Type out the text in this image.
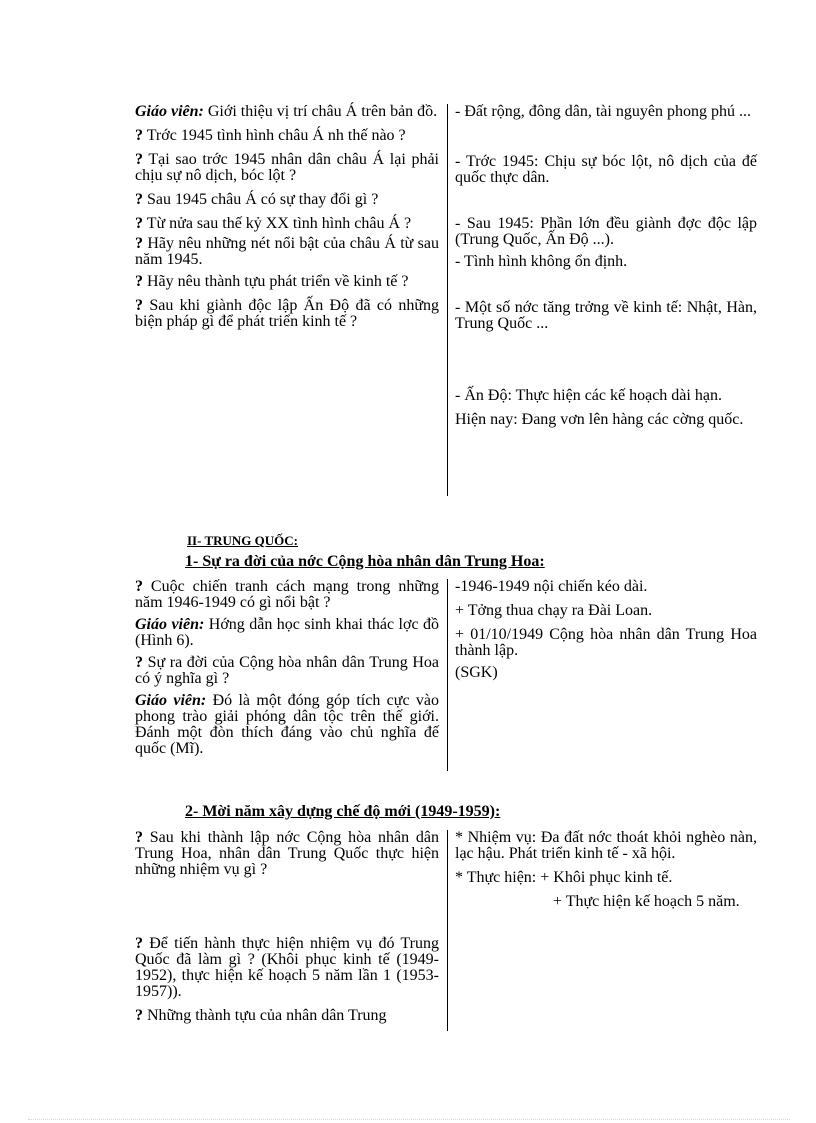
Giáo viên: Giới thiệu vị trí châu Á trên bản đồ.
? Trớc 1945 tình hình châu Á nh thế nào ?
? Tại sao trớc 1945 nhân dân châu Á lại phải chịu sự nô dịch, bóc lột ?
? Sau 1945 châu Á có sự thay đổi gì ?
? Từ nửa sau thế kỷ XX tình hình châu Á ?
? Hãy nêu những nét nổi bật của châu Á từ sau năm 1945.
? Hãy nêu thành tựu phát triển về kinh tế ?
? Sau khi giành độc lập Ấn Độ đã có những biện pháp gì để phát triển kinh tế ?
- Đất rộng, đông dân, tài nguyên phong phú ...
- Trớc 1945: Chịu sự bóc lột, nô dịch của đế quốc thực dân.
- Sau 1945: Phần lớn đều giành đợc độc lập (Trung Quốc, Ấn Độ ...).
- Tình hình không ổn định.
- Một số nớc tăng trởng về kinh tế: Nhật, Hàn, Trung Quốc ...
- Ấn Độ: Thực hiện các kế hoạch dài hạn.
Hiện nay: Đang vơn lên hàng các cờng quốc.
II- TRUNG QUỐC:
1- Sự ra đời của nớc Cộng hòa nhân dân Trung Hoa:
? Cuộc chiến tranh cách mạng trong những năm 1946-1949 có gì nổi bật ?
Giáo viên: Hớng dẫn học sinh khai thác lợc đồ (Hình 6).
? Sự ra đời của Cộng hòa nhân dân Trung Hoa có ý nghĩa gì ?
Giáo viên: Đó là một đóng góp tích cực vào phong trào giải phóng dân tộc trên thế giới. Đánh một đòn thích đáng vào chủ nghĩa đế quốc (Mĩ).
-1946-1949 nội chiến kéo dài.
+ Tởng thua chạy ra Đài Loan.
+ 01/10/1949 Cộng hòa nhân dân Trung Hoa thành lập.
(SGK)
2- Mời năm xây dựng chế độ mới (1949-1959):
? Sau khi thành lập nớc Cộng hòa nhân dân Trung Hoa, nhân dân Trung Quốc thực hiện những nhiệm vụ gì ?
? Để tiến hành thực hiện nhiệm vụ đó Trung Quốc đã làm gì ? (Khôi phục kinh tế (1949-1952), thực hiện kế hoạch 5 năm lần 1 (1953-1957)).
? Những thành tựu của nhân dân Trung
* Nhiệm vụ: Đa đất nớc thoát khỏi nghèo nàn, lạc hậu. Phát triển kinh tế - xã hội.
* Thực hiện: + Khôi phục kinh tế.
+ Thực hiện kế hoạch 5 năm.
